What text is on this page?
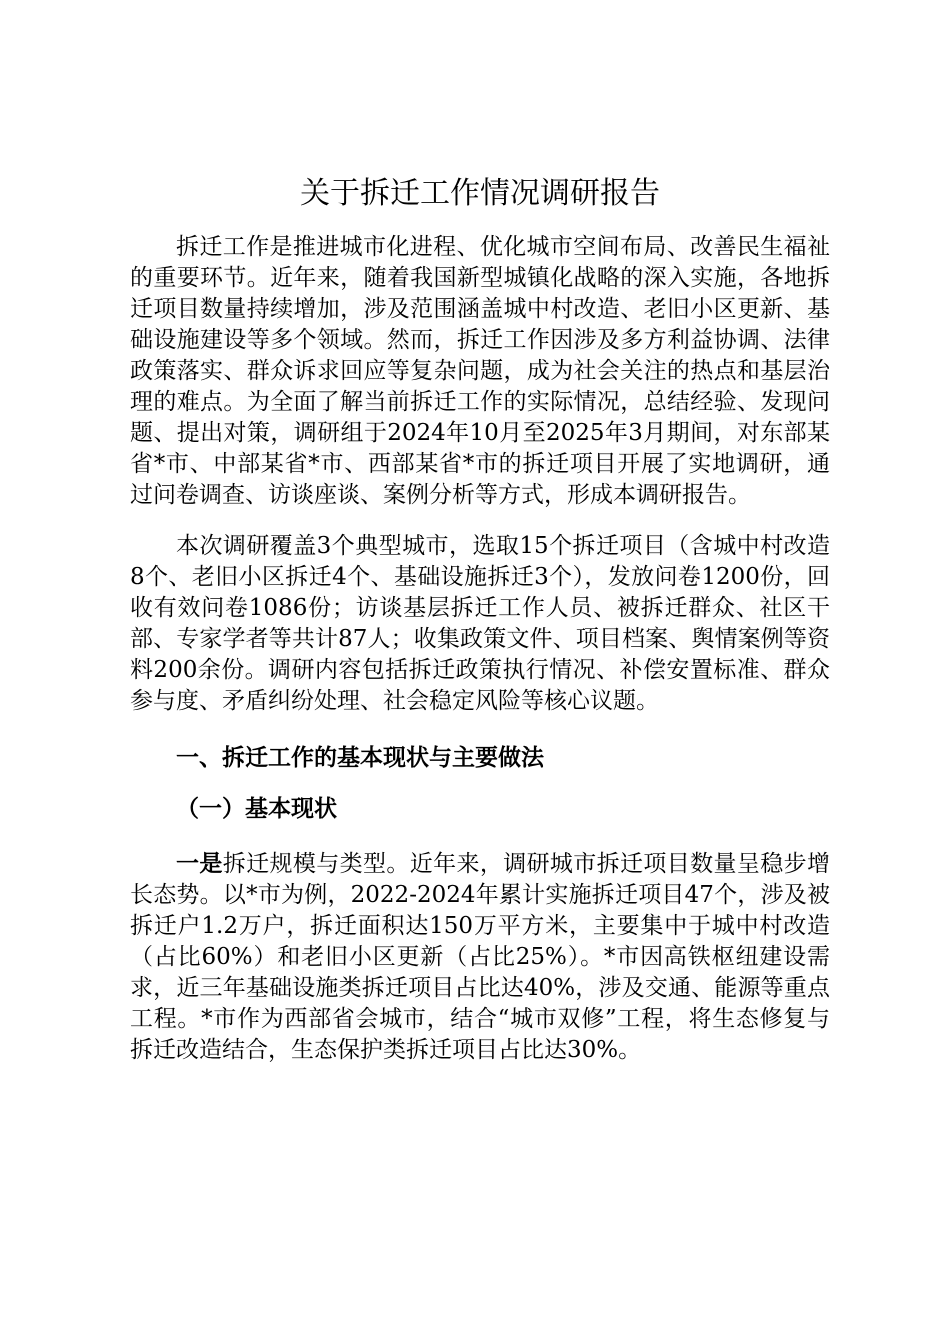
关于拆迁工作情况调研报告

拆迁工作是推进城市化进程、优化城市空间布局、改善民生福祉的重要环节。近年来，随着我国新型城镇化战略的深入实施，各地拆迁项目数量持续增加，涉及范围涵盖城中村改造、老旧小区更新、基础设施建设等多个领域。然而，拆迁工作因涉及多方利益协调、法律政策落实、群众诉求回应等复杂问题，成为社会关注的热点和基层治理的难点。为全面了解当前拆迁工作的实际情况，总结经验、发现问题、提出对策，调研组于2024年10月至2025年3月期间，对东部某省*市、中部某省*市、西部某省*市的拆迁项目开展了实地调研，通过问卷调查、访谈座谈、案例分析等方式，形成本调研报告。

本次调研覆盖3个典型城市，选取15个拆迁项目（含城中村改造8个、老旧小区拆迁4个、基础设施拆迁3个），发放问卷1200份，回收有效问卷1086份；访谈基层拆迁工作人员、被拆迁群众、社区干部、专家学者等共计87人；收集政策文件、项目档案、舆情案例等资料200余份。调研内容包括拆迁政策执行情况、补偿安置标准、群众参与度、矛盾纠纷处理、社会稳定风险等核心议题。

一、拆迁工作的基本现状与主要做法

（一）基本现状

一是拆迁规模与类型。近年来，调研城市拆迁项目数量呈稳步增长态势。以*市为例，2022-2024年累计实施拆迁项目47个，涉及被拆迁户1.2万户，拆迁面积达150万平方米，主要集中于城中村改造（占比60%）和老旧小区更新（占比25%）。*市因高铁枢纽建设需求，近三年基础设施类拆迁项目占比达40%，涉及交通、能源等重点工程。*市作为西部省会城市，结合“城市双修”工程，将生态修复与拆迁改造结合，生态保护类拆迁项目占比达30%。
